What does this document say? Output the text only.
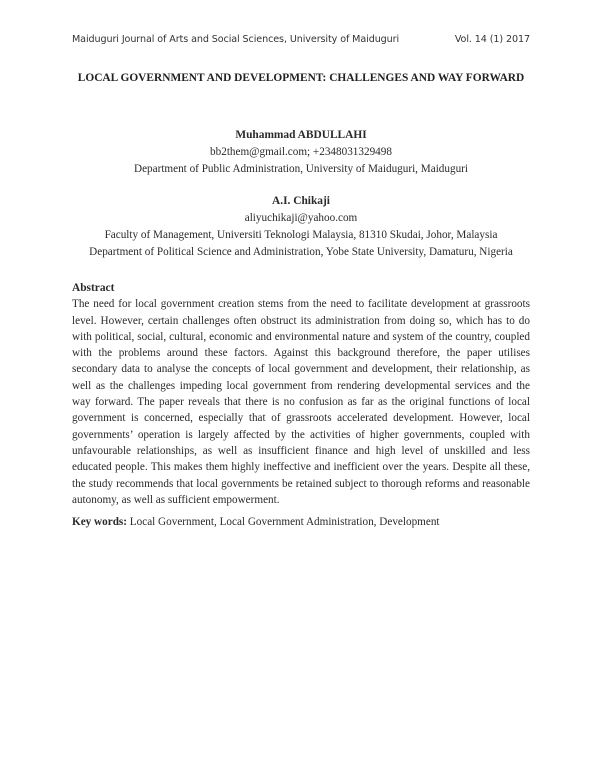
Maiduguri Journal of Arts and Social Sciences, University of Maiduguri	Vol. 14 (1) 2017
LOCAL GOVERNMENT AND DEVELOPMENT: CHALLENGES AND WAY FORWARD
Muhammad ABDULLAHI
bb2them@gmail.com; +2348031329498
Department of Public Administration, University of Maiduguri, Maiduguri
A.I. Chikaji
aliyuchikaji@yahoo.com
Faculty of Management, Universiti Teknologi Malaysia, 81310 Skudai, Johor, Malaysia
Department of Political Science and Administration, Yobe State University, Damaturu, Nigeria
Abstract
The need for local government creation stems from the need to facilitate development at grassroots level. However, certain challenges often obstruct its administration from doing so, which has to do with political, social, cultural, economic and environmental nature and system of the country, coupled with the problems around these factors. Against this background therefore, the paper utilises secondary data to analyse the concepts of local government and development, their relationship, as well as the challenges impeding local government from rendering developmental services and the way forward. The paper reveals that there is no confusion as far as the original functions of local government is concerned, especially that of grassroots accelerated development. However, local governments’ operation is largely affected by the activities of higher governments, coupled with unfavourable relationships, as well as insufficient finance and high level of unskilled and less educated people. This makes them highly ineffective and inefficient over the years. Despite all these, the study recommends that local governments be retained subject to thorough reforms and reasonable autonomy, as well as sufficient empowerment.
Key words: Local Government, Local Government Administration, Development
